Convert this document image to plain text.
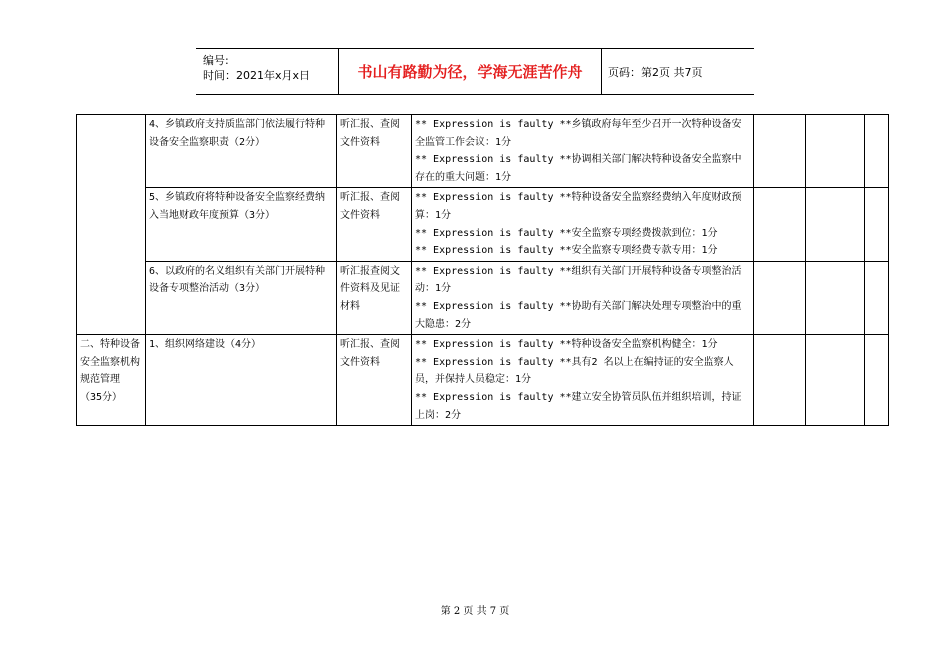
编号:
时间：2021年x月x日	书山有路勤为径，学海无涯苦作舟	页码：第2页 共7页
	4、乡镇政府支持质监部门依法履行特种设备安全监察职责（2分）	听汇报、查阅文件资料	** Expression is faulty **乡镇政府每年至少召开一次特种设备安全监管工作会议：1分
** Expression is faulty **协调相关部门解决特种设备安全监察中存在的重大问题：1分			

	5、乡镇政府将特种设备安全监察经费纳入当地财政年度预算（3分）	听汇报、查阅文件资料	** Expression is faulty **特种设备安全监察经费纳入年度财政预算：1分
** Expression is faulty **安全监察专项经费拨款到位：1分
** Expression is faulty **安全监察专项经费专款专用：1分			

	6、以政府的名义组织有关部门开展特种设备专项整治活动（3分）	听汇报查阅文件资料及见证材料	** Expression is faulty **组织有关部门开展特种设备专项整治活动：1分
** Expression is faulty **协助有关部门解决处理专项整治中的重大隐患：2分			

二、特种设备安全监察机构规范管理（35分）	1、组织网络建设（4分）	听汇报、查阅文件资料	** Expression is faulty **特种设备安全监察机构健全：1分
** Expression is faulty **具有2 名以上在编持证的安全监察人员，并保持人员稳定：1分
** Expression is faulty **建立安全协管员队伍并组织培训，持证上岗：2分			

第 2 页 共 7 页
